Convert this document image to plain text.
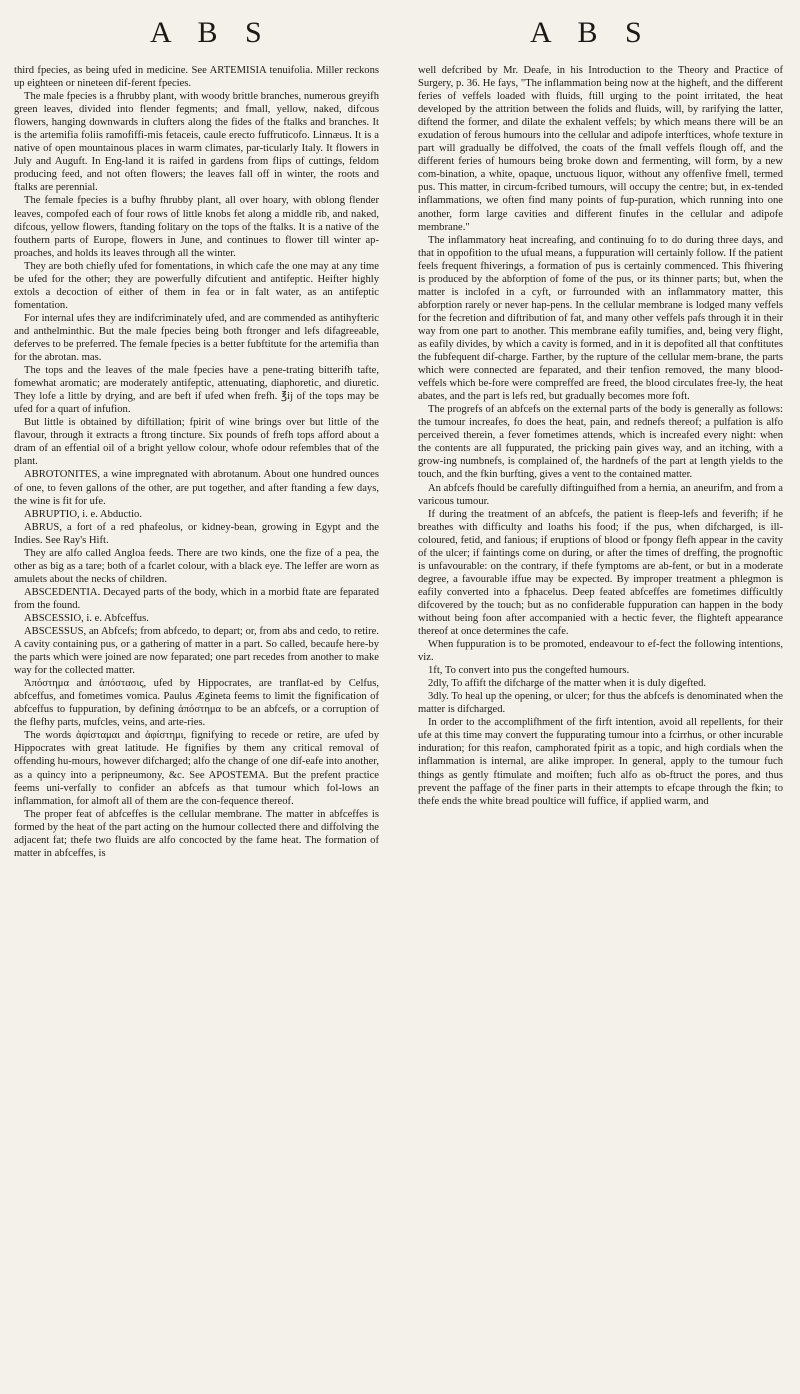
A B S	A B S

third fpecies, as being ufed in medicine. See ARTEMISIA tenuifolia. Miller reckons up eighteen or nineteen dif-ferent fpecies.

The male fpecies is a fhrubby plant, with woody brittle branches, numerous greyifh green leaves, divided into flender fegments; and fmall, yellow, naked, difcous flowers, hanging downwards in clufters along the fides of the ftalks and branches. It is the artemifia foliis ramofiffi-mis fetaceis, caule erecto fuffruticofo. Linnæus. It is a native of open mountainous places in warm climates, par-ticularly Italy. It flowers in July and Auguft. In Eng-land it is raifed in gardens from flips of cuttings, feldom producing feed, and not often flowers; the leaves fall off in winter, the roots and ftalks are perennial.

The female fpecies is a bufhy fhrubby plant, all over hoary, with oblong flender leaves, compofed each of four rows of little knobs fet along a middle rib, and naked, difcous, yellow flowers, ftanding folitary on the tops of the ftalks. It is a native of the fouthern parts of Europe, flowers in June, and continues to flower till winter ap-proaches, and holds its leaves through all the winter.

They are both chiefly ufed for fomentations, in which cafe the one may at any time be ufed for the other; they are powerfully difcutient and antifeptic. Heifter highly extols a decoction of either of them in fea or in falt water, as an antifeptic fomentation.

For internal ufes they are indifcriminately ufed, and are commended as antihyfteric and anthelminthic. But the male fpecies being both ftronger and lefs difagreeable, deferves to be preferred. The female fpecies is a better fubftitute for the artemifia than for the abrotan. mas.

The tops and the leaves of the male fpecies have a pene-trating bitterifh tafte, fomewhat aromatic; are moderately antifeptic, attenuating, diaphoretic, and diuretic. They lofe a little by drying, and are beft if ufed when frefh. ℥ij of the tops may be ufed for a quart of infufion.

But little is obtained by diftillation; fpirit of wine brings over but little of the flavour, through it extracts a ftrong tincture. Six pounds of frefh tops afford about a dram of an effential oil of a bright yellow colour, whofe odour refembles that of the plant.

ABROTONITES, a wine impregnated with abrotanum. About one hundred ounces of one, to feven gallons of the other, are put together, and after ftanding a few days, the wine is fit for ufe.

ABRUPTIO, i. e. Abductio.

ABRUS, a fort of a red phafeolus, or kidney-bean, growing in Egypt and the Indies. See Ray's Hift.

They are alfo called Angloa feeds. There are two kinds, one the fize of a pea, the other as big as a tare; both of a fcarlet colour, with a black eye. The leffer are worn as amulets about the necks of children.

ABSCEDENTIA. Decayed parts of the body, which in a morbid ftate are feparated from the found.

ABSCESSIO, i. e. Abfceffus.

ABSCESSUS, an Abfcefs; from abfcedo, to depart; or, from abs and cedo, to retire. A cavity containing pus, or a gathering of matter in a part. So called, becaufe here-by the parts which were joined are now feparated; one part recedes from another to make way for the collected matter.

Ἀπόστημα and ἀπόστασις, ufed by Hippocrates, are tranflat-ed by Celfus, abfceffus, and fometimes vomica. Paulus Ægineta feems to limit the fignification of abfceffus to fuppuration, by defining ἀπόστημα to be an abfcefs, or a corruption of the flefhy parts, mufcles, veins, and arte-ries.

The words ἀφίσταμαι and ἀφίστημι, fignifying to recede or retire, are ufed by Hippocrates with great latitude. He fignifies by them any critical removal of offending hu-mours, however difcharged; alfo the change of one dif-eafe into another, as a quincy into a peripneumony, &c. See APOSTEMA. But the prefent practice feems uni-verfally to confider an abfcefs as that tumour which fol-lows an inflammation, for almoft all of them are the con-fequence thereof.

The proper feat of abfceffes is the cellular membrane. The matter in abfceffes is formed by the heat of the part acting on the humour collected there and diffolving the adjacent fat; thefe two fluids are alfo concocted by the fame heat. The formation of matter in abfceffes, is

well defcribed by Mr. Deafe, in his Introduction to the Theory and Practice of Surgery, p. 36. He fays, "The inflammation being now at the higheft, and the different feries of veffels loaded with fluids, ftill urging to the point irritated, the heat developed by the attrition between the folids and fluids, will, by rarifying the latter, diftend the former, and dilate the exhalent veffels; by which means there will be an exudation of ferous humours into the cellular and adipofe interftices, whofe texture in part will gradually be diffolved, the coats of the fmall veffels flough off, and the different feries of humours being broke down and fermenting, will form, by a new com-bination, a white, opaque, unctuous liquor, without any offenfive fmell, termed pus. This matter, in circum-fcribed tumours, will occupy the centre; but, in ex-tended inflammations, we often find many points of fup-puration, which running into one another, form large cavities and different finufes in the cellular and adipofe membrane."

The inflammatory heat increafing, and continuing fo to do during three days, and that in oppofition to the ufual means, a fuppuration will certainly follow. If the patient feels frequent fhiverings, a formation of pus is certainly commenced. This fhivering is produced by the abforption of fome of the pus, or its thinner parts; but, when the matter is inclofed in a cyft, or furrounded with an inflammatory matter, this abforption rarely or never hap-pens. In the cellular membrane is lodged many veffels for the fecretion and diftribution of fat, and many other veffels pafs through it in their way from one part to another. This membrane eafily tumifies, and, being very flight, as eafily divides, by which a cavity is formed, and in it is depofited all that conftitutes the fubfequent dif-charge. Farther, by the rupture of the cellular mem-brane, the parts which were connected are feparated, and their tenfion removed, the many blood-veffels which be-fore were compreffed are freed, the blood circulates free-ly, the heat abates, and the part is lefs red, but gradually becomes more foft.

The progrefs of an abfcefs on the external parts of the body is generally as follows: the tumour increafes, fo does the heat, pain, and rednefs thereof; a pulfation is alfo perceived therein, a fever fometimes attends, which is increafed every night: when the contents are all fuppurated, the pricking pain gives way, and an itching, with a grow-ing numbnefs, is complained of, the hardnefs of the part at length yields to the touch, and the fkin burfting, gives a vent to the contained matter.

An abfcefs fhould be carefully diftinguifhed from a hernia, an aneurifm, and from a varicous tumour.

If during the treatment of an abfcefs, the patient is fleep-lefs and feverifh; if he breathes with difficulty and loaths his food; if the pus, when difcharged, is ill-coloured, fetid, and fanious; if eruptions of blood or fpongy flefh appear in the cavity of the ulcer; if faintings come on during, or after the times of dreffing, the prognoftic is unfavourable: on the contrary, if thefe fymptoms are ab-fent, or but in a moderate degree, a favourable iffue may be expected. By improper treatment a phlegmon is eafily converted into a fphacelus. Deep feated abfceffes are fometimes difficultly difcovered by the touch; but as no confiderable fuppuration can happen in the body without being foon after accompanied with a hectic fever, the flighteft appearance thereof at once determines the cafe.

When fuppuration is to be promoted, endeavour to ef-fect the following intentions, viz.

1ft, To convert into pus the congefted humours.

2dly, To affift the difcharge of the matter when it is duly digefted.

3dly. To heal up the opening, or ulcer; for thus the abfcefs is denominated when the matter is difcharged.

In order to the accomplifhment of the firft intention, avoid all repellents, for their ufe at this time may convert the fuppurating tumour into a fcirrhus, or other incurable induration; for this reafon, camphorated fpirit as a topic, and high cordials when the inflammation is internal, are alike improper. In general, apply to the tumour fuch things as gently ftimulate and moiften; fuch alfo as ob-ftruct the pores, and thus prevent the paffage of the finer parts in their attempts to efcape through the fkin; to thefe ends the white bread poultice will fuffice, if applied warm, and
